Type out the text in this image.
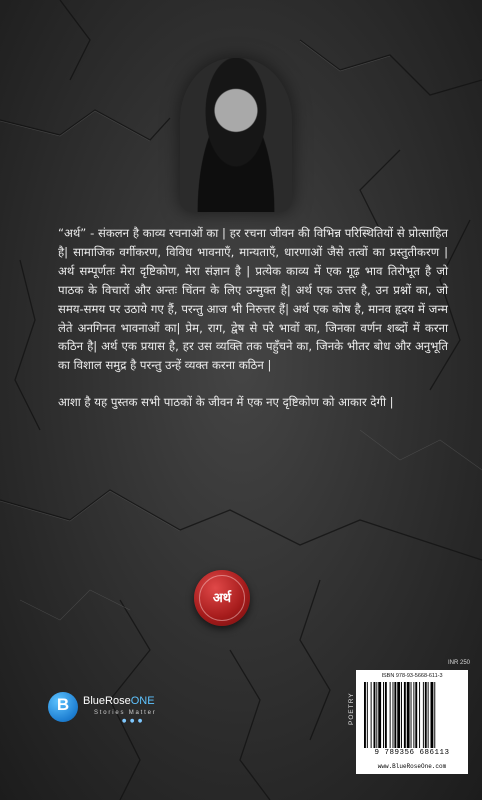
“अर्थ” - संकलन है काव्य रचनाओं का | हर रचना जीवन की विभिन्न परिस्थितियों से प्रोत्साहित है| सामाजिक वर्गीकरण, विविध भावनाएँ, मान्यताएँ, धारणाओं जैसे तत्वों का प्रस्तुतीकरण | अर्थ सम्पूर्णतः मेरा दृष्टिकोण, मेरा संज्ञान है | प्रत्येक काव्य में एक गूढ़ भाव तिरोभूत है जो पाठक के विचारों और अन्तः चिंतन के लिए उन्मुक्त है| अर्थ एक उत्तर है, उन प्रश्नों का, जो समय-समय पर उठाये गए हैं, परन्तु आज भी निरुत्तर हैं| अर्थ एक कोष है, मानव हृदय में जन्म लेते अनगिनत भावनाओं का| प्रेम, राग, द्वेष से परे भावों का, जिनका वर्णन शब्दों में करना कठिन है| अर्थ एक प्रयास है, हर उस व्यक्ति तक पहुँचने का, जिनके भीतर बोध और अनुभूति का विशाल समुद्र है परन्तु उन्हें व्यक्त करना कठिन |

आशा है यह पुस्तक सभी पाठकों के जीवन में एक नए दृष्टिकोण को आकार देगी |

अर्थ
B	BlueRoseONE
Stories Matter
● ● ●
INR 250
POETRY
ISBN 978-93-5668-611-3
9 789356 686113
www.BlueRoseOne.com
